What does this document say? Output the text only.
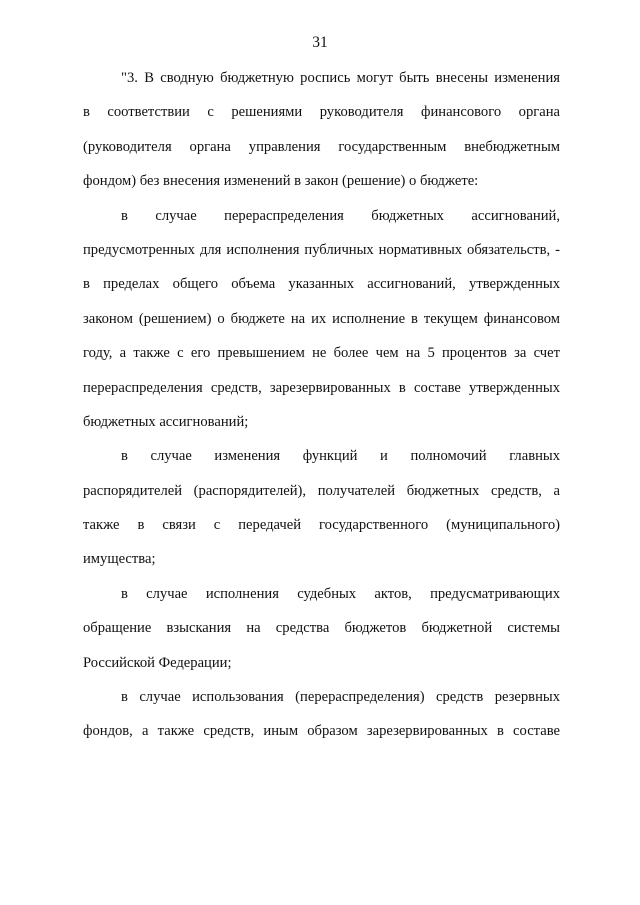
31
"3. В сводную бюджетную роспись могут быть внесены изменения
в соответствии с решениями руководителя финансового органа
(руководителя органа управления государственным внебюджетным
фондом) без внесения изменений в закон (решение) о бюджете:
в случае перераспределения бюджетных ассигнований,
предусмотренных для исполнения публичных нормативных обязательств, -
в пределах общего объема указанных ассигнований, утвержденных
законом (решением) о бюджете на их исполнение в текущем финансовом
году, а также с его превышением не более чем на 5 процентов за счет
перераспределения средств, зарезервированных в составе утвержденных
бюджетных ассигнований;
в случае изменения функций и полномочий главных
распорядителей (распорядителей), получателей бюджетных средств, а
также в связи с передачей государственного (муниципального)
имущества;
в случае исполнения судебных актов, предусматривающих
обращение взыскания на средства бюджетов бюджетной системы
Российской Федерации;
в случае использования (перераспределения) средств резервных
фондов, а также средств, иным образом зарезервированных в составе
